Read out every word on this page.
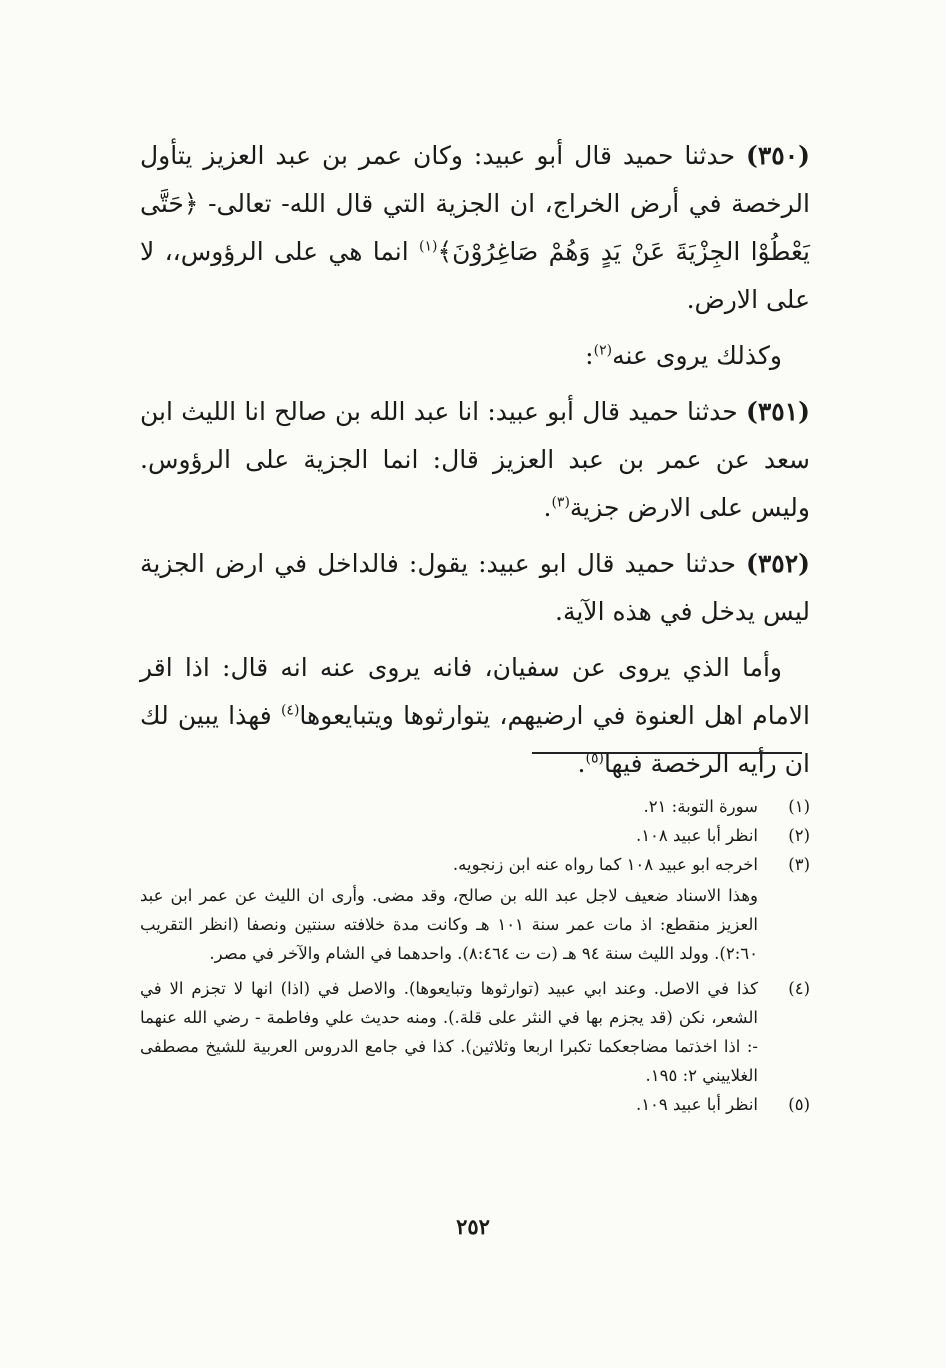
(٣٥٠) حدثنا حميد قال أبو عبيد: وكان عمر بن عبد العزيز يتأول الرخصة في أرض الخراج، ان الجزية التي قال الله- تعالى- ﴿حَتَّى يَعْطُوْا الجِزْيَةَ عَنْ يَدٍ وَهُمْ صَاغِرُوْنَ﴾$^{(١)}$ انما هي على الرؤوس،، لا على الارض.

وكذلك يروى عنه$^{(٢)}$:

(٣٥١) حدثنا حميد قال أبو عبيد: انا عبد الله بن صالح انا الليث ابن سعد عن عمر بن عبد العزيز قال: انما الجزية على الرؤوس. وليس على الارض جزية$^{(٣)}$.

(٣٥٢) حدثنا حميد قال ابو عبيد: يقول: فالداخل في ارض الجزية ليس يدخل في هذه الآية.

وأما الذي يروى عن سفيان، فانه يروى عنه انه قال: اذا اقر الامام اهل العنوة في ارضيهم، يتوارثوها ويتبايعوها$^{(٤)}$ فهذا يبين لك ان رأيه الرخصة فيها$^{(٥)}$.

(١)
سورة التوبة: ٢١.
(٢)
انظر أبا عبيد ١٠٨.
(٣)
اخرجه ابو عبيد ١٠٨ كما رواه عنه ابن زنجويه.
وهذا الاسناد ضعيف لاجل عبد الله بن صالح، وقد مضى. وأرى ان الليث عن عمر ابن عبد العزيز منقطع: اذ مات عمر سنة ١٠١ هـ وكانت مدة خلافته سنتين ونصفا (انظر التقريب ٢:٦٠). وولد الليث سنة ٩٤ هـ (ت ت ٨:٤٦٤). واحدهما في الشام والآخر في مصر.
(٤)
كذا في الاصل. وعند ابي عبيد (توارثوها وتبايعوها). والاصل في (اذا) انها لا تجزم الا في الشعر، نكن (قد يجزم بها في النثر على قلة.). ومنه حديث علي وفاطمة - رضي الله عنهما -: اذا اخذتما مضاجعكما تكبرا اربعا وثلاثين). كذا في جامع الدروس العربية للشيخ مصطفى الغلاييني ٢: ١٩٥.
(٥)
انظر أبا عبيد ١٠٩.
٢٥٢
